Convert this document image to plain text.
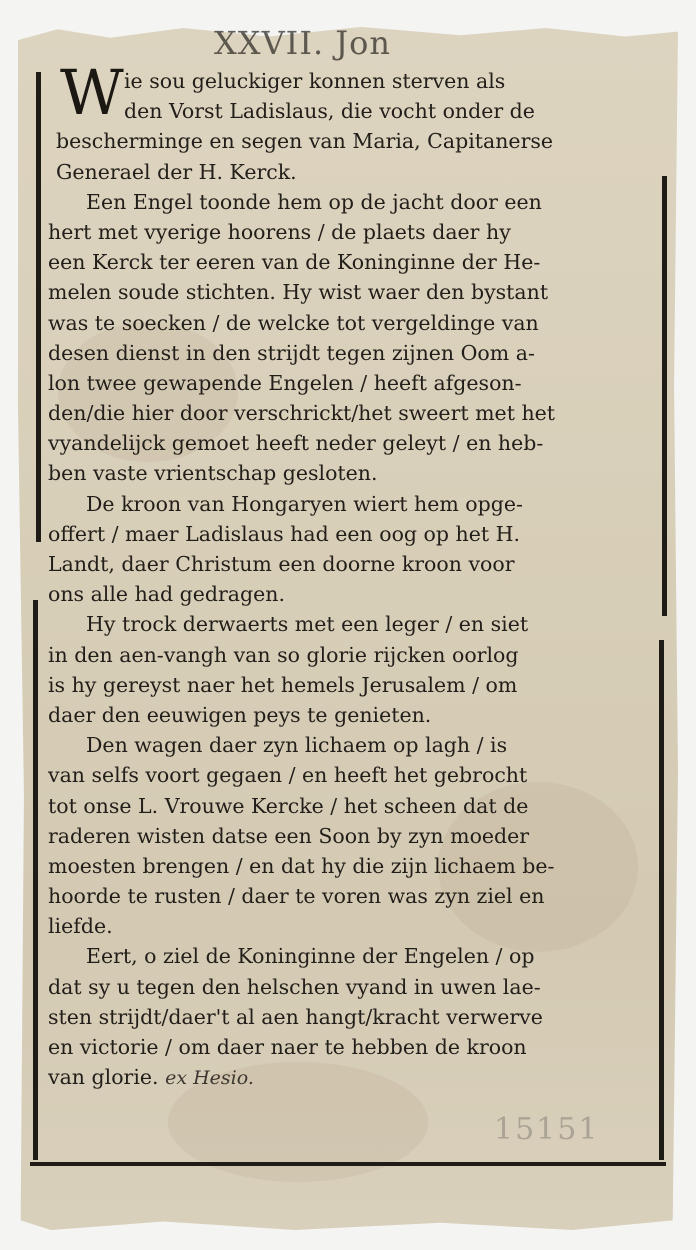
XXVII. Jon
W ie sou geluckiger konnen sterven als

den Vorst Ladislaus, die vocht onder de

bescherminge en segen van Maria, Capitanerse

Generael der H. Kerck.

Een Engel toonde hem op de jacht door een

hert met vyerige hoorens / de plaets daer hy

een Kerck ter eeren van de Koninginne der He-

melen soude stichten. Hy wist waer den bystant

was te soecken / de welcke tot vergeldinge van

desen dienst in den strijdt tegen zijnen Oom a-

lon twee gewapende Engelen / heeft afgeson-

den/die hier door verschrickt/het sweert met het

vyandelijck gemoet heeft neder geleyt / en heb-

ben vaste vrientschap gesloten.

De kroon van Hongaryen wiert hem opge-

offert / maer Ladislaus had een oog op het H.

Landt, daer Christum een doorne kroon voor

ons alle had gedragen.

Hy trock derwaerts met een leger / en siet

in den aen-vangh van so glorie rijcken oorlog

is hy gereyst naer het hemels Jerusalem / om

daer den eeuwigen peys te genieten.

Den wagen daer zyn lichaem op lagh / is

van selfs voort gegaen / en heeft het gebrocht

tot onse L. Vrouwe Kercke / het scheen dat de

raderen wisten datse een Soon by zyn moeder

moesten brengen / en dat hy die zijn lichaem be-

hoorde te rusten / daer te voren was zyn ziel en

liefde.

Eert, o ziel de Koninginne der Engelen / op

dat sy u tegen den helschen vyand in uwen lae-

sten strijdt/daer't al aen hangt/kracht verwerve

en victorie / om daer naer te hebben de kroon

van glorie. ex Hesio.

15151
